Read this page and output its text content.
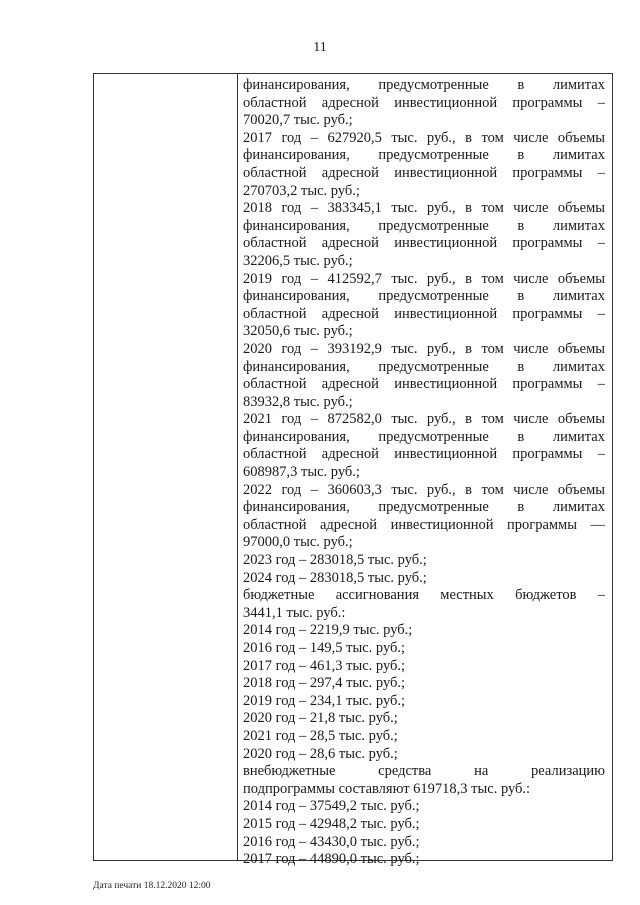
11
финансирования, предусмотренные в лимитах
областной адресной инвестиционной программы –
70020,7 тыс. руб.;
2017 год – 627920,5 тыс. руб., в том числе объемы
финансирования, предусмотренные в лимитах
областной адресной инвестиционной программы –
270703,2 тыс. руб.;
2018 год – 383345,1 тыс. руб., в том числе объемы
финансирования, предусмотренные в лимитах
областной адресной инвестиционной программы –
32206,5 тыс. руб.;
2019 год – 412592,7 тыс. руб., в том числе объемы
финансирования, предусмотренные в лимитах
областной адресной инвестиционной программы –
32050,6 тыс. руб.;
2020 год – 393192,9 тыс. руб., в том числе объемы
финансирования, предусмотренные в лимитах
областной адресной инвестиционной программы –
83932,8 тыс. руб.;
2021 год – 872582,0 тыс. руб., в том числе объемы
финансирования, предусмотренные в лимитах
областной адресной инвестиционной программы –
608987,3 тыс. руб.;
2022 год – 360603,3 тыс. руб., в том числе объемы
финансирования, предусмотренные в лимитах
областной адресной инвестиционной программы —
97000,0 тыс. руб.;
2023 год – 283018,5 тыс. руб.;
2024 год – 283018,5 тыс. руб.;
бюджетные ассигнования местных бюджетов –
3441,1 тыс. руб.:
2014 год – 2219,9 тыс. руб.;
2016 год – 149,5 тыс. руб.;
2017 год – 461,3 тыс. руб.;
2018 год – 297,4 тыс. руб.;
2019 год – 234,1 тыс. руб.;
2020 год – 21,8 тыс. руб.;
2021 год – 28,5 тыс. руб.;
2020 год – 28,6 тыс. руб.;
внебюджетные средства на реализацию
подпрограммы составляют 619718,3 тыс. руб.:
2014 год – 37549,2 тыс. руб.;
2015 год – 42948,2 тыс. руб.;
2016 год – 43430,0 тыс. руб.;
2017 год – 44890,0 тыс. руб.;
Дата печати 18.12.2020 12:00
